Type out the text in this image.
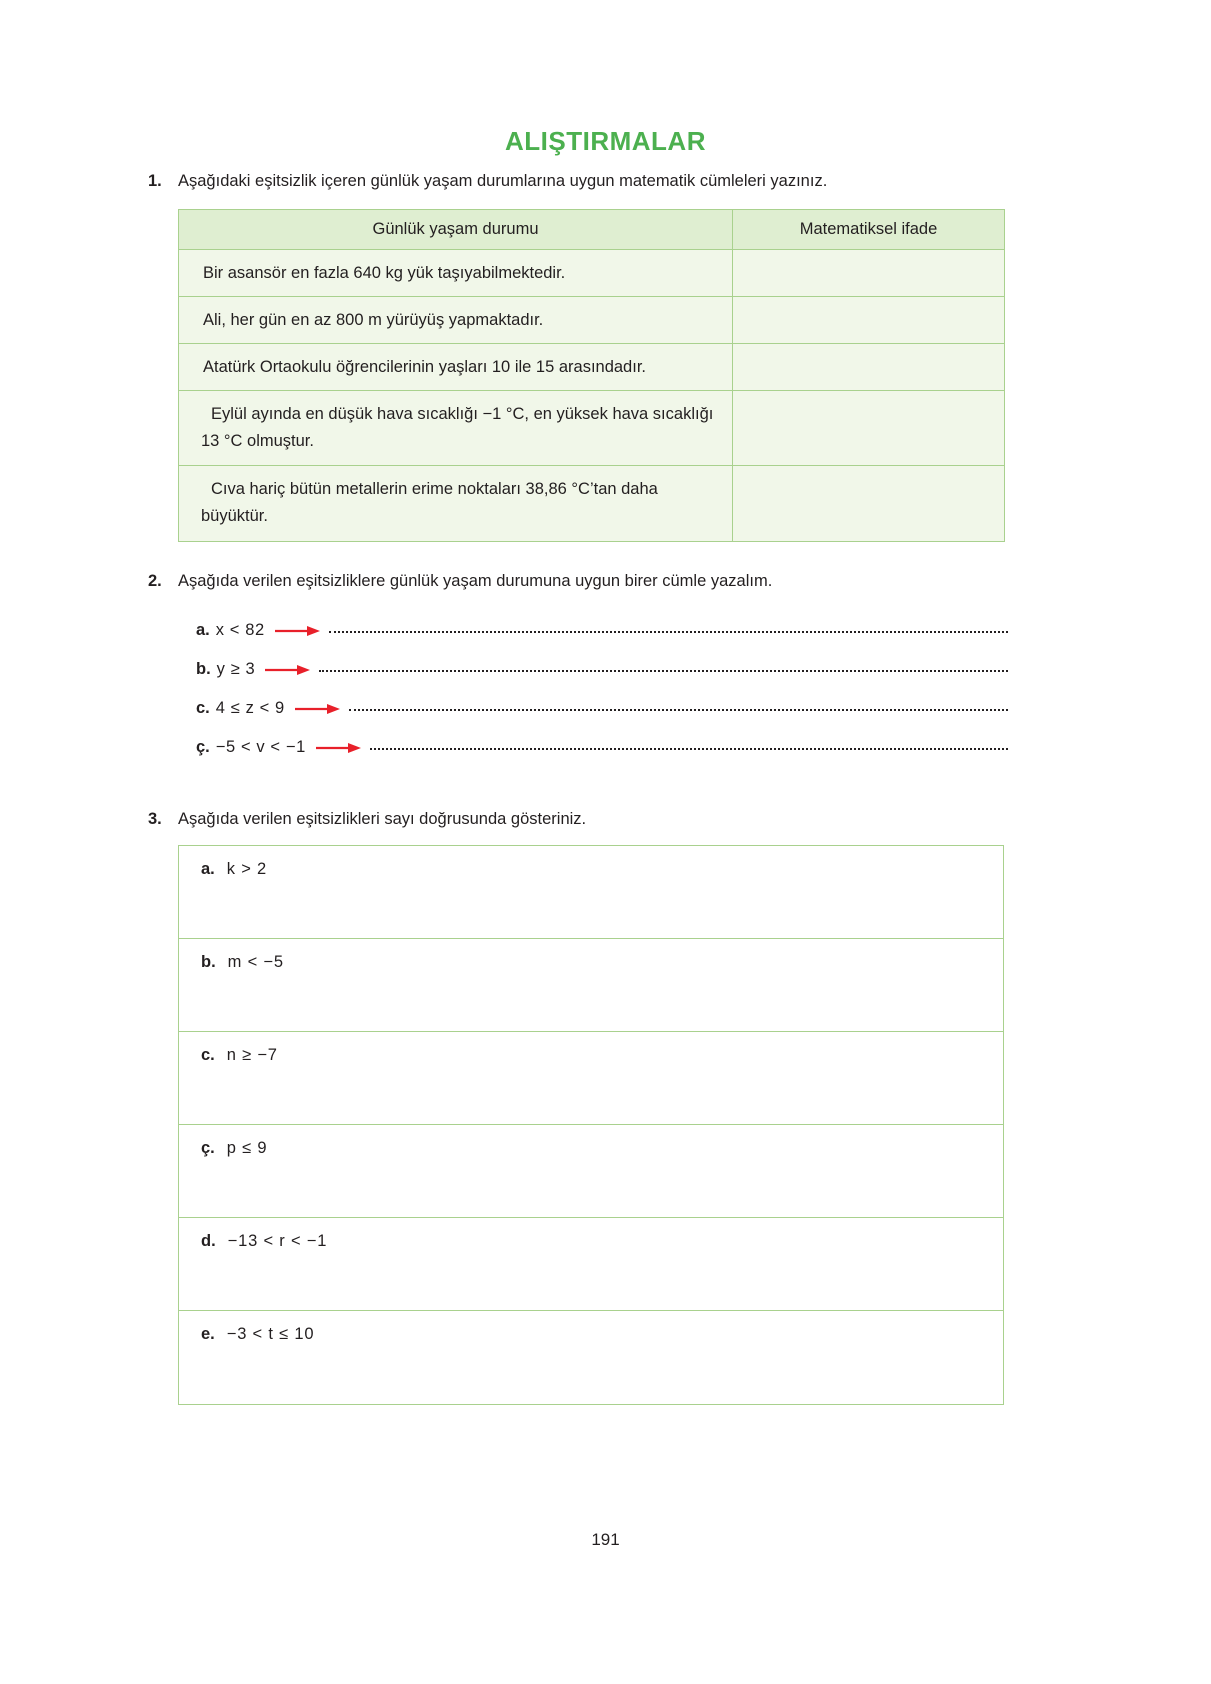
ALIŞTIRMALAR
1. Aşağıdaki eşitsizlik içeren günlük yaşam durumlarına uygun matematik cümleleri yazınız.
Günlük yaşam durumu	Matematiksel ifade
Bir asansör en fazla 640 kg yük taşıyabilmektedir.	
Ali, her gün en az 800 m yürüyüş yapmaktadır.	
Atatürk Ortaokulu öğrencilerinin yaşları 10 ile 15 arasındadır.	
Eylül ayında en düşük hava sıcaklığı −1 °C, en yüksek hava sıcaklığı 13 °C olmuştur.	
Cıva hariç bütün metallerin erime noktaları 38,86 °C’tan daha büyüktür.	
2. Aşağıda verilen eşitsizliklere günlük yaşam durumuna uygun birer cümle yazalım.
a. x < 82
b. y ≥ 3
c. 4 ≤ z < 9
ç. −5 < v < −1
3. Aşağıda verilen eşitsizlikleri sayı doğrusunda gösteriniz.
a. k > 2
b. m < −5
c. n ≥ −7
ç. p ≤ 9
d. −13 < r < −1
e. −3 < t ≤ 10
191
